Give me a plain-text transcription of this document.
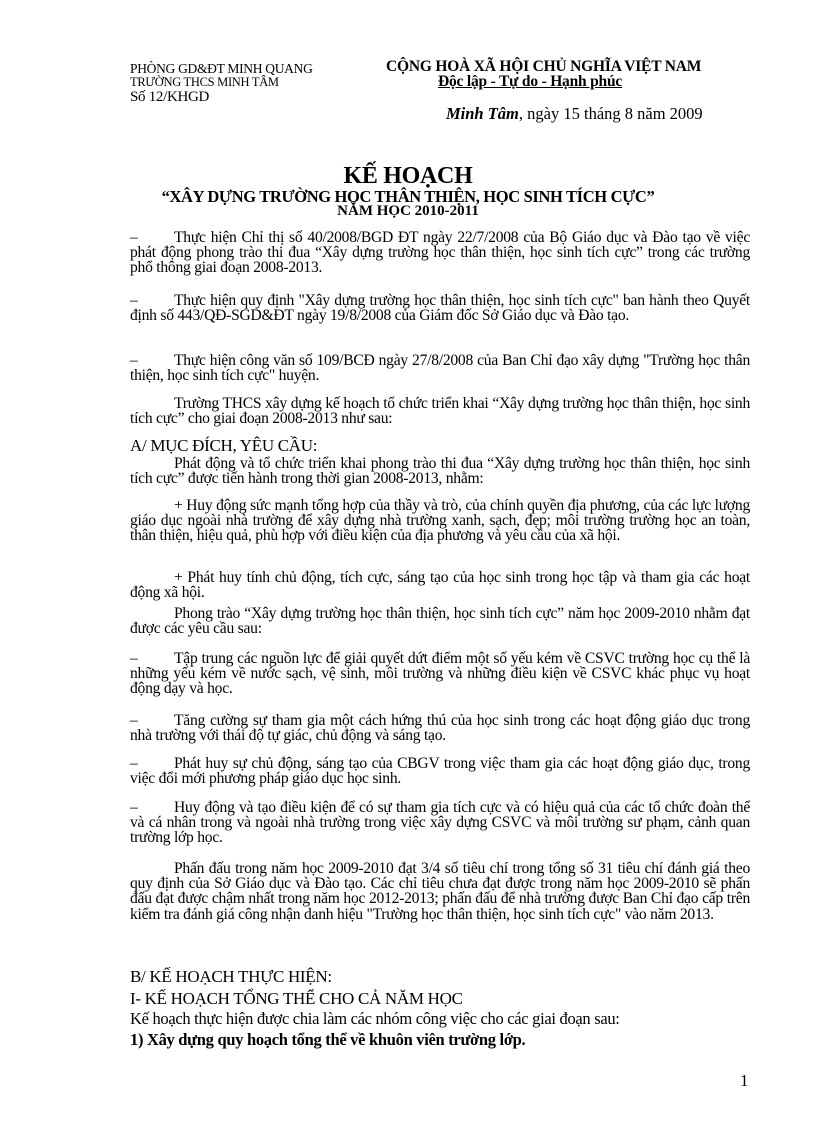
PHÒNG GD&ĐT MINH QUANG
TRƯỜNG THCS MINH TÂM
Số 12/KHGD
CỘNG HOÀ XÃ HỘI CHỦ NGHĨA VIỆT NAM
Độc lập - Tự do - Hạnh phúc
Minh Tâm, ngày 15 tháng 8 năm 2009
KẾ HOẠCH
“XÂY DỰNG TRƯỜNG HỌC THÂN THIỆN, HỌC SINH TÍCH CỰC”
NĂM HỌC 2010-2011

– Thực hiện Chỉ thị số 40/2008/BGD ĐT ngày 22/7/2008 của Bộ Giáo dục và Đào tạo về việc phát động phong trào thi đua “Xây dựng trường học thân thiện, học sinh tích cực” trong các trường phổ thông giai đoạn 2008-2013.

– Thực hiện quy định "Xây dựng trường học thân thiện, học sinh tích cực" ban hành theo Quyết định số 443/QĐ-SGD&ĐT ngày 19/8/2008 của Giám đốc Sở Giáo dục và Đào tạo.

– Thực hiện công văn số 109/BCĐ ngày 27/8/2008 của Ban Chỉ đạo xây dựng "Trường học thân thiện, học sinh tích cực" huyện.

Trường THCS xây dựng kế hoạch tổ chức triển khai “Xây dựng trường học thân thiện, học sinh tích cực” cho giai đoạn 2008-2013 như sau:

A/ MỤC ĐÍCH, YÊU CẦU:

Phát động và tổ chức triển khai phong trào thi đua “Xây dựng trường học thân thiện, học sinh tích cực” được tiến hành trong thời gian 2008-2013, nhằm:

+ Huy động sức mạnh tổng hợp của thầy và trò, của chính quyền địa phương, của các lực lượng giáo dục ngoài nhà trường để xây dựng nhà trường xanh, sạch, đẹp; môi trường trường học an toàn, thân thiện, hiệu quả, phù hợp với điều kiện của địa phương và yêu cầu của xã hội.

+ Phát huy tính chủ động, tích cực, sáng tạo của học sinh trong học tập và tham gia các hoạt động xã hội.

Phong trào “Xây dựng trường học thân thiện, học sinh tích cực” năm học 2009-2010 nhằm đạt được các yêu cầu sau:

– Tập trung các nguồn lực để giải quyết dứt điểm một số yếu kém về CSVC trường học cụ thể là những yếu kém về nước sạch, vệ sinh, môi trường và những điều kiện về CSVC khác phục vụ hoạt động dạy và học.

– Tăng cường sự tham gia một cách hứng thú của học sinh trong các hoạt động giáo dục trong nhà trường với thái độ tự giác, chủ động và sáng tạo.

– Phát huy sự chủ động, sáng tạo của CBGV trong việc tham gia các hoạt động giáo dục, trong việc đổi mới phương pháp giáo dục học sinh.

– Huy động và tạo điều kiện để có sự tham gia tích cực và có hiệu quả của các tổ chức đoàn thể và cá nhân trong và ngoài nhà trường trong việc xây dựng CSVC và môi trường sư phạm, cảnh quan trường lớp học.

Phấn đấu trong năm học 2009-2010 đạt 3/4 số tiêu chí trong tổng số 31 tiêu chí đánh giá theo quy định của Sở Giáo dục và Đào tạo. Các chỉ tiêu chưa đạt được trong năm học 2009-2010 sẽ phấn đấu đạt được chậm nhất trong năm học 2012-2013; phấn đấu để nhà trường được Ban Chỉ đạo cấp trên kiểm tra đánh giá công nhận danh hiệu "Trường học thân thiện, học sinh tích cực" vào năm 2013.

B/ KẾ HOẠCH THỰC HIỆN:
I- KẾ HOẠCH TỔNG THỂ CHO CẢ NĂM HỌC
Kế hoạch thực hiện được chia làm các nhóm công việc cho các giai đoạn sau:
1) Xây dựng quy hoạch tổng thể về khuôn viên trường lớp.
1
